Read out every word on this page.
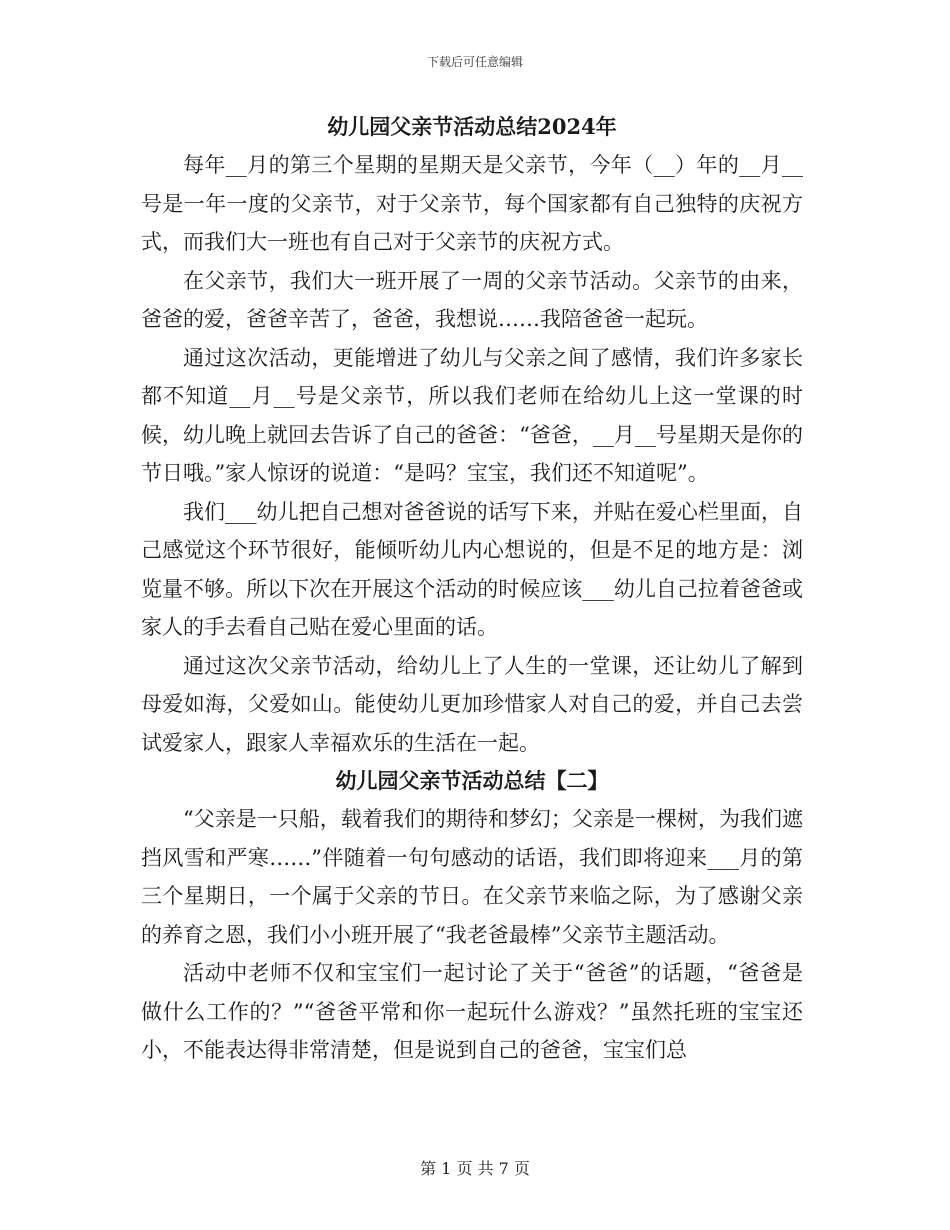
下载后可任意编辑

幼儿园父亲节活动总结2024年

每年__月的第三个星期的星期天是父亲节，今年（__）年的__月__号是一年一度的父亲节，对于父亲节，每个国家都有自己独特的庆祝方式，而我们大一班也有自己对于父亲节的庆祝方式。

在父亲节，我们大一班开展了一周的父亲节活动。父亲节的由来，爸爸的爱，爸爸辛苦了，爸爸，我想说……我陪爸爸一起玩。

通过这次活动，更能增进了幼儿与父亲之间了感情，我们许多家长都不知道__月__号是父亲节，所以我们老师在给幼儿上这一堂课的时候，幼儿晚上就回去告诉了自己的爸爸：“爸爸，__月__号星期天是你的节日哦。”家人惊讶的说道：“是吗？宝宝，我们还不知道呢”。

我们___幼儿把自己想对爸爸说的话写下来，并贴在爱心栏里面，自己感觉这个环节很好，能倾听幼儿内心想说的，但是不足的地方是：浏览量不够。所以下次在开展这个活动的时候应该___幼儿自己拉着爸爸或家人的手去看自己贴在爱心里面的话。

通过这次父亲节活动，给幼儿上了人生的一堂课，还让幼儿了解到母爱如海，父爱如山。能使幼儿更加珍惜家人对自己的爱，并自己去尝试爱家人，跟家人幸福欢乐的生活在一起。

幼儿园父亲节活动总结【二】

“父亲是一只船，载着我们的期待和梦幻；父亲是一棵树，为我们遮挡风雪和严寒……”伴随着一句句感动的话语，我们即将迎来___月的第三个星期日，一个属于父亲的节日。在父亲节来临之际，为了感谢父亲的养育之恩，我们小小班开展了“我老爸最棒”父亲节主题活动。

活动中老师不仅和宝宝们一起讨论了关于“爸爸”的话题，“爸爸是做什么工作的？”“爸爸平常和你一起玩什么游戏？”虽然托班的宝宝还小，不能表达得非常清楚，但是说到自己的爸爸，宝宝们总

第 1 页 共 7 页
